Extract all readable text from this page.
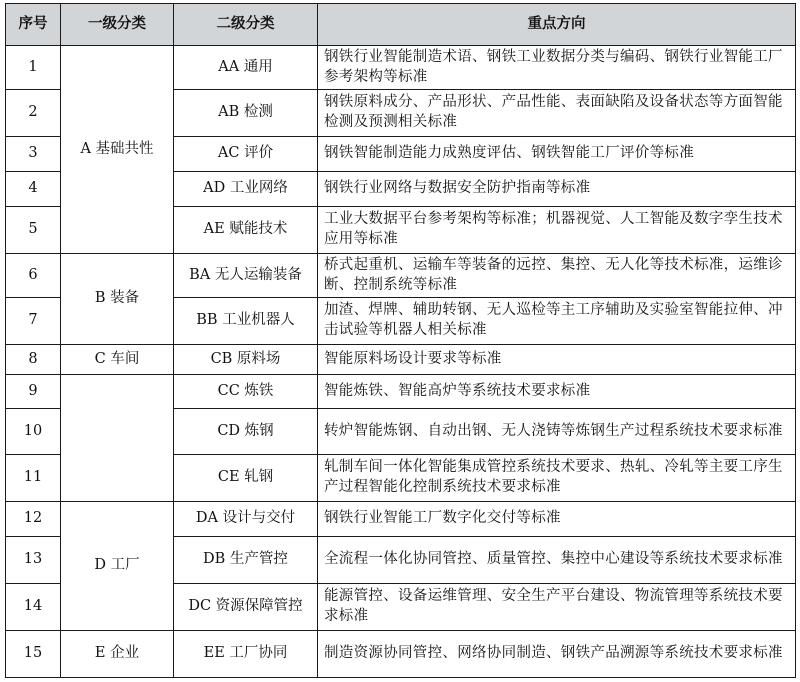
序号	一级分类	二级分类	重点方向
1	A 基础共性	AA 通用	钢铁行业智能制造术语、钢铁工业数据分类与编码、钢铁行业智能工厂参考架构等标准
2		AB 检测	钢铁原料成分、产品形状、产品性能、表面缺陷及设备状态等方面智能检测及预测相关标准
3		AC 评价	钢铁智能制造能力成熟度评估、钢铁智能工厂评价等标准
4		AD 工业网络	钢铁行业网络与数据安全防护指南等标准
5		AE 赋能技术	工业大数据平台参考架构等标准；机器视觉、人工智能及数字孪生技术应用等标准
6	B 装备	BA 无人运输装备	桥式起重机、运输车等装备的远控、集控、无人化等技术标准，运维诊断、控制系统等标准
7		BB 工业机器人	加渣、焊牌、辅助转钢、无人巡检等主工序辅助及实验室智能拉伸、冲击试验等机器人相关标准
8	C 车间	CB 原料场	智能原料场设计要求等标准
9		CC 炼铁	智能炼铁、智能高炉等系统技术要求标准
10		CD 炼钢	转炉智能炼钢、自动出钢、无人浇铸等炼钢生产过程系统技术要求标准
11		CE 轧钢	轧制车间一体化智能集成管控系统技术要求、热轧、冷轧等主要工序生产过程智能化控制系统技术要求标准
12	D 工厂	DA 设计与交付	钢铁行业智能工厂数字化交付等标准
13		DB 生产管控	全流程一体化协同管控、质量管控、集控中心建设等系统技术要求标准
14		DC 资源保障管控	能源管控、设备运维管理、安全生产平台建设、物流管理等系统技术要求标准
15	E 企业	EE 工厂协同	制造资源协同管控、网络协同制造、钢铁产品溯源等系统技术要求标准
